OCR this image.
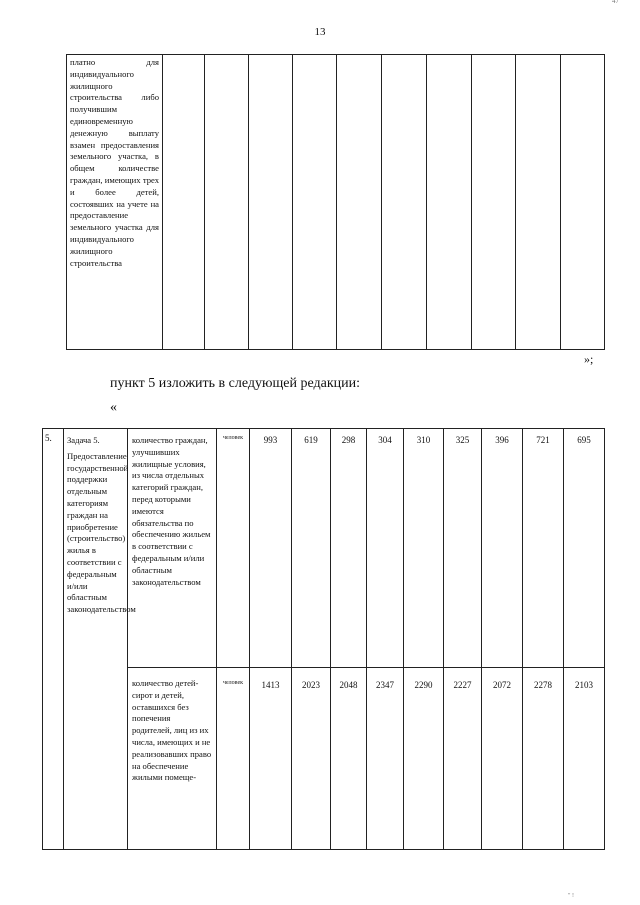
47
13
платно для индивидуального жилищного строительства либо получившим единовременную денежную выплату взамен предоставления земельного участка, в общем количестве граждан, имеющих трех и более детей, состоявших на учете на предоставление земельного участка для индивидуального жилищного строительства										
»;
пункт 5 изложить в следующей редакции:
«
5.	Задача 5.
Предоставление государственной поддержки отдельным категориям граждан на приобретение (строительство) жилья в соответствии с федеральным и/или областным законодательством	количество граждан, улучшивших жилищные условия, из числа отдельных категорий граждан, перед которыми имеются обязательства по обеспечению жильем в соответствии с федеральным и/или областным законодательством	человек	993	619	298	304	310	325	396	721	695
		количество детей-сирот и детей, оставшихся без попечения родителей, лиц из их числа, имеющих и не реализовавших право на обеспечение жилыми помеще-	человек	1413	2023	2048	2347	2290	2227	2072	2278	2103
" !
